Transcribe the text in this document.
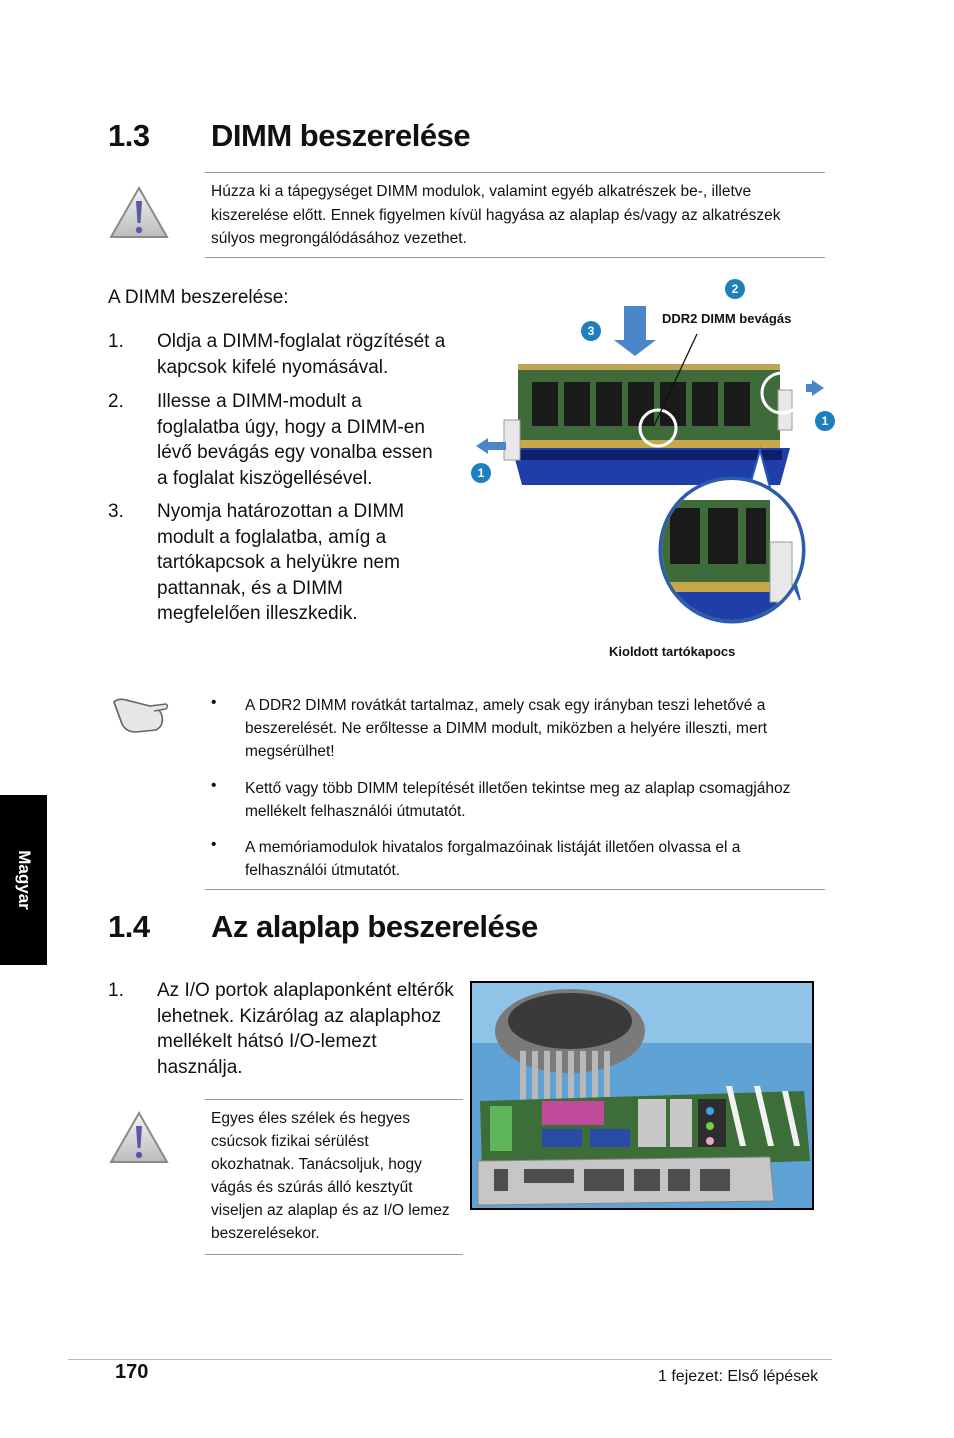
1.3 DIMM beszerelése
Húzza ki a tápegységet DIMM modulok, valamint egyéb alkatrészek be-, illetve kiszerelése előtt. Ennek figyelmen kívül hagyása az alaplap és/vagy az alkatrészek súlyos megrongálódásához vezethet.
A DIMM beszerelése:
1. Oldja a DIMM-foglalat rögzítését a kapcsok kifelé nyomásával.
2. Illesse a DIMM-modult a foglalatba úgy, hogy a DIMM-en lévő bevágás egy vonalba essen a foglalat kiszögellésével.
3. Nyomja határozottan a DIMM modult a foglalatba, amíg a tartókapcsok a helyükre nem pattannak, és a DIMM megfelelően illeszkedik.
2
3
1
1
DDR2 DIMM bevágás
Kioldott tartókapocs
• A DDR2 DIMM rovátkát tartalmaz, amely csak egy irányban teszi lehetővé a beszerelését. Ne erőltesse a DIMM modult, miközben a helyére illeszti, mert megsérülhet!
• Kettő vagy több DIMM telepítését illetően tekintse meg az alaplap csomagjához mellékelt felhasználói útmutatót.
• A memóriamodulok hivatalos forgalmazóinak listáját illetően olvassa el a felhasználói útmutatót.
Magyar
1.4 Az alaplap beszerelése
1. Az I/O portok alaplaponként eltérők lehetnek. Kizárólag az alaplaphoz mellékelt hátsó I/O-lemezt használja.
Egyes éles szélek és hegyes csúcsok fizikai sérülést okozhatnak. Tanácsoljuk, hogy vágás és szúrás álló kesztyűt viseljen az alaplap és az I/O lemez beszerelésekor.
170	1 fejezet: Első lépések
